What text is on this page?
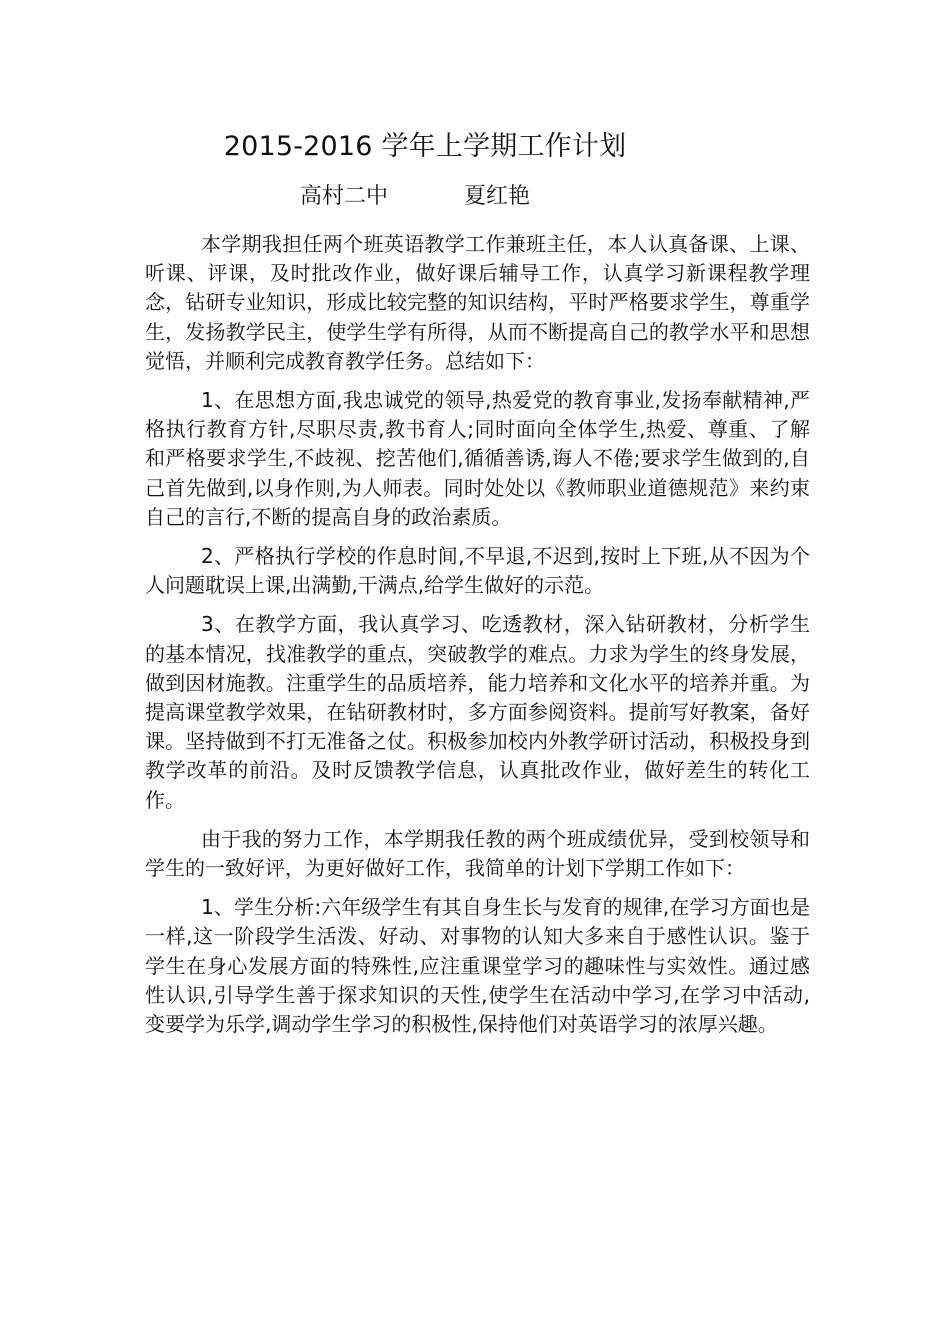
2015-2016 学年上学期工作计划
高村二中	夏红艳

本学期我担任两个班英语教学工作兼班主任，本人认真备课、上课、听课、评课，及时批改作业，做好课后辅导工作，认真学习新课程教学理念，钻研专业知识，形成比较完整的知识结构，平时严格要求学生，尊重学生，发扬教学民主，使学生学有所得，从而不断提高自己的教学水平和思想觉悟，并顺利完成教育教学任务。总结如下：

1、在思想方面,我忠诚党的领导,热爱党的教育事业,发扬奉献精神,严格执行教育方针,尽职尽责,教书育人;同时面向全体学生,热爱、尊重、了解和严格要求学生,不歧视、挖苦他们,循循善诱,诲人不倦;要求学生做到的,自己首先做到,以身作则,为人师表。同时处处以《教师职业道德规范》来约束自己的言行,不断的提高自身的政治素质。

2、严格执行学校的作息时间,不早退,不迟到,按时上下班,从不因为个人问题耽误上课,出满勤,干满点,给学生做好的示范。

3、在教学方面，我认真学习、吃透教材，深入钻研教材，分析学生的基本情况，找准教学的重点，突破教学的难点。力求为学生的终身发展，做到因材施教。注重学生的品质培养，能力培养和文化水平的培养并重。为提高课堂教学效果，在钻研教材时，多方面参阅资料。提前写好教案，备好课。坚持做到不打无准备之仗。积极参加校内外教学研讨活动，积极投身到教学改革的前沿。及时反馈教学信息，认真批改作业，做好差生的转化工作。

由于我的努力工作，本学期我任教的两个班成绩优异，受到校领导和学生的一致好评，为更好做好工作，我简单的计划下学期工作如下：

1、学生分析:六年级学生有其自身生长与发育的规律,在学习方面也是一样,这一阶段学生活泼、好动、对事物的认知大多来自于感性认识。鉴于学生在身心发展方面的特殊性,应注重课堂学习的趣味性与实效性。通过感性认识,引导学生善于探求知识的天性,使学生在活动中学习,在学习中活动,变要学为乐学,调动学生学习的积极性,保持他们对英语学习的浓厚兴趣。
